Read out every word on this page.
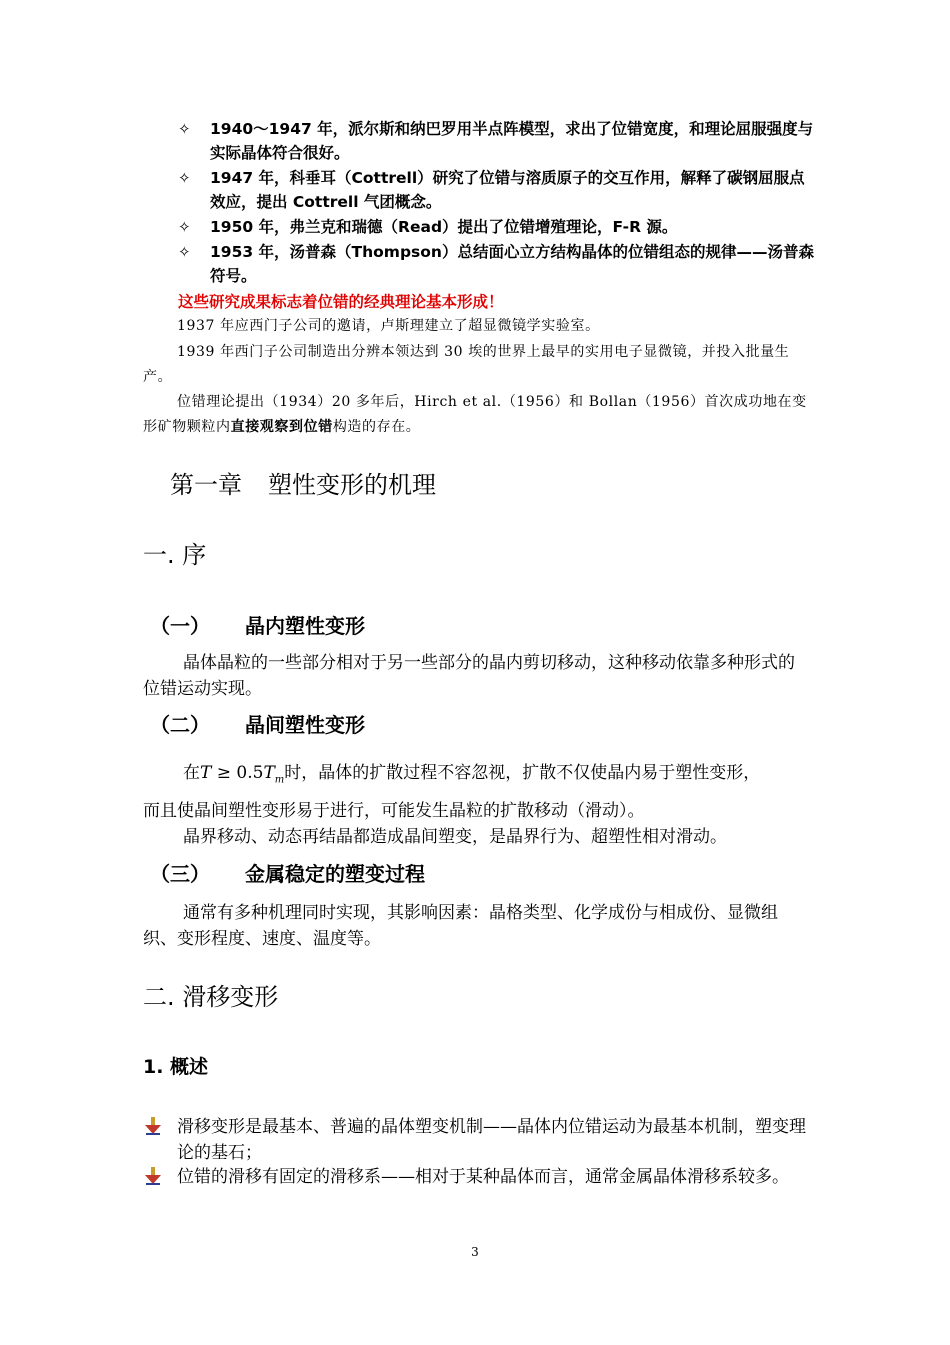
✧ 1940～1947 年，派尔斯和纳巴罗用半点阵模型，求出了位错宽度，和理论屈服强度与实际晶体符合很好。
✧ 1947 年，科垂耳（Cottrell）研究了位错与溶质原子的交互作用，解释了碳钢屈服点效应，提出 Cottrell 气团概念。
✧ 1950 年，弗兰克和瑞德（Read）提出了位错增殖理论，F-R 源。
✧ 1953 年，汤普森（Thompson）总结面心立方结构晶体的位错组态的规律——汤普森符号。
这些研究成果标志着位错的经典理论基本形成！
1937 年应西门子公司的邀请，卢斯理建立了超显微镜学实验室。
1939 年西门子公司制造出分辨本领达到 30 埃的世界上最早的实用电子显微镜，并投入批量生产。
位错理论提出（1934）20 多年后，Hirch et al.（1956）和 Bollan（1956）首次成功地在变形矿物颗粒内直接观察到位错构造的存在。
第一章 塑性变形的机理
一. 序
（一） 晶内塑性变形
晶体晶粒的一些部分相对于另一些部分的晶内剪切移动，这种移动依靠多种形式的位错运动实现。
（二） 晶间塑性变形
在$T \ge 0.5T_m$时，晶体的扩散过程不容忽视，扩散不仅使晶内易于塑性变形，
而且使晶间塑性变形易于进行，可能发生晶粒的扩散移动（滑动）。
晶界移动、动态再结晶都造成晶间塑变，是晶界行为、超塑性相对滑动。
（三） 金属稳定的塑变过程
通常有多种机理同时实现，其影响因素：晶格类型、化学成份与相成份、显微组织、变形程度、速度、温度等。
二. 滑移变形
1. 概述
滑移变形是最基本、普遍的晶体塑变机制——晶体内位错运动为最基本机制，塑变理论的基石；
位错的滑移有固定的滑移系——相对于某种晶体而言，通常金属晶体滑移系较多。
3
